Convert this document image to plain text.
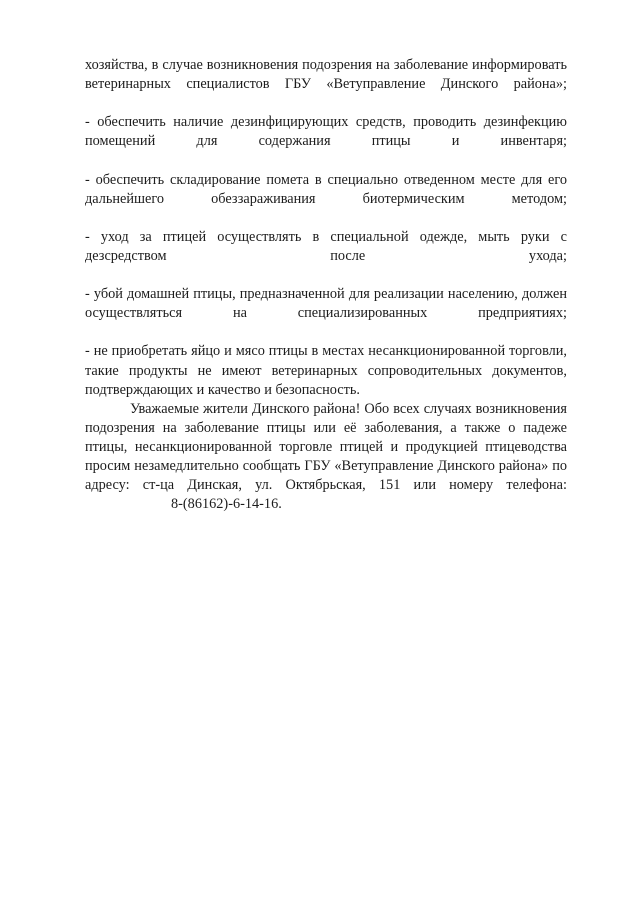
хозяйства, в случае возникновения подозрения на заболевание информировать ветеринарных специалистов ГБУ «Ветуправление Динского района»;

- обеспечить наличие дезинфицирующих средств, проводить дезинфекцию помещений для содержания птицы и инвентаря;

- обеспечить складирование помета в специально отведенном месте для его дальнейшего обеззараживания биотермическим методом;

- уход за птицей осуществлять в специальной одежде, мыть руки с дезсредством после ухода;

- убой домашней птицы, предназначенной для реализации населению, должен осуществляться на специализированных предприятиях;

- не приобретать яйцо и мясо птицы в местах несанкционированной торговли, такие продукты не имеют ветеринарных сопроводительных документов, подтверждающих и качество и безопасность.

Уважаемые жители Динского района! Обо всех случаях возникновения подозрения на заболевание птицы или её заболевания, а также о падеже птицы, несанкционированной торговле птицей и продукцией птицеводства просим незамедлительно сообщать ГБУ «Ветуправление Динского района» по адресу: ст-ца Динская, ул. Октябрьская, 151 или номеру телефона:8-(86162)-6-14-16.
